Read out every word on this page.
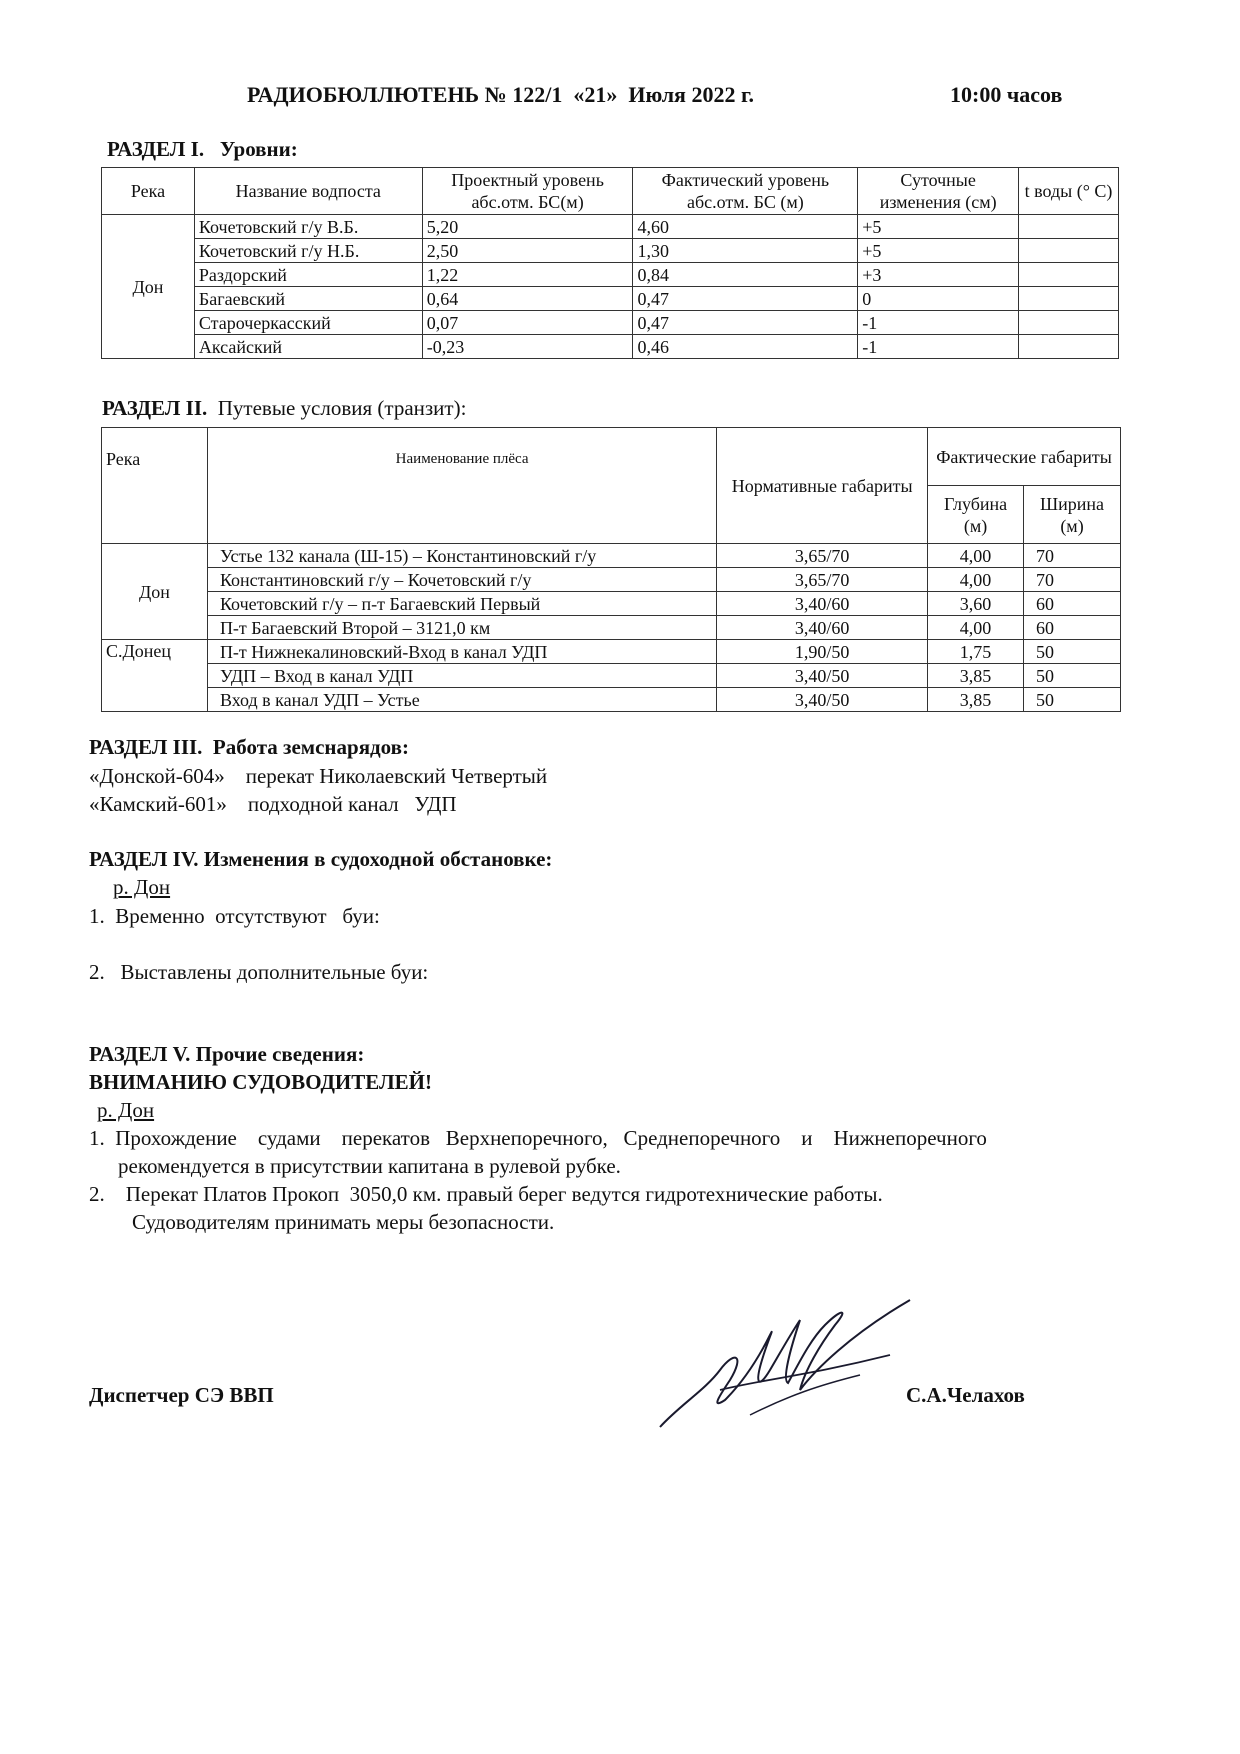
РАДИОБЮЛЛЮТЕНЬ № 122/1  «21»  Июля 2022 г.	10:00 часов
РАЗДЕЛ I.   Уровни:
Река	Название водпоста	Проектный уровень абс.отм. БС(м)	Фактический уровень абс.отм. БС (м)	Суточные изменения (см)	t воды (° С)
Дон	Кочетовский г/у В.Б.	5,20	4,60	+5	
	Кочетовский г/у Н.Б.	2,50	1,30	+5	
	Раздорский	1,22	0,84	+3	
	Багаевский	0,64	0,47	0	
	Старочеркасский	0,07	0,47	-1	
	Аксайский	-0,23	0,46	-1	
РАЗДЕЛ II. Путевые условия (транзит):
Река	Наименование плёса	Нормативные габариты	Фактические габариты	
			Глубина (м)	Ширина (м)
Дон	Устье 132 канала (Ш-15) – Константиновский г/у	3,65/70	4,00	70
	Константиновский г/у – Кочетовский г/у	3,65/70	4,00	70
	Кочетовский г/у – п-т Багаевский Первый	3,40/60	3,60	60
	П-т Багаевский Второй – 3121,0 км	3,40/60	4,00	60
С.Донец	П-т Нижнекалиновский-Вход в канал УДП	1,90/50	1,75	50
	УДП – Вход в канал УДП	3,40/50	3,85	50
	Вход в канал УДП – Устье	3,40/50	3,85	50
РАЗДЕЛ III.  Работа земснарядов:
«Донской-604»    перекат Николаевский Четвертый
«Камский-601»    подходной канал   УДП
РАЗДЕЛ IV. Изменения в судоходной обстановке:
р. Дон
1.  Временно  отсутствуют   буи:
2.   Выставлены дополнительные буи:
РАЗДЕЛ V. Прочие сведения:
ВНИМАНИЮ СУДОВОДИТЕЛЕЙ!
р. Дон
1.  Прохождение    судами    перекатов   Верхнепоречного,   Среднепоречного    и    Нижнепоречного
рекомендуется в присутствии капитана в рулевой рубке.
2.    Перекат Платов Прокоп  3050,0 км. правый берег ведутся гидротехнические работы.
Судоводителям принимать меры безопасности.
Диспетчер СЭ ВВП	С.А.Челахов
